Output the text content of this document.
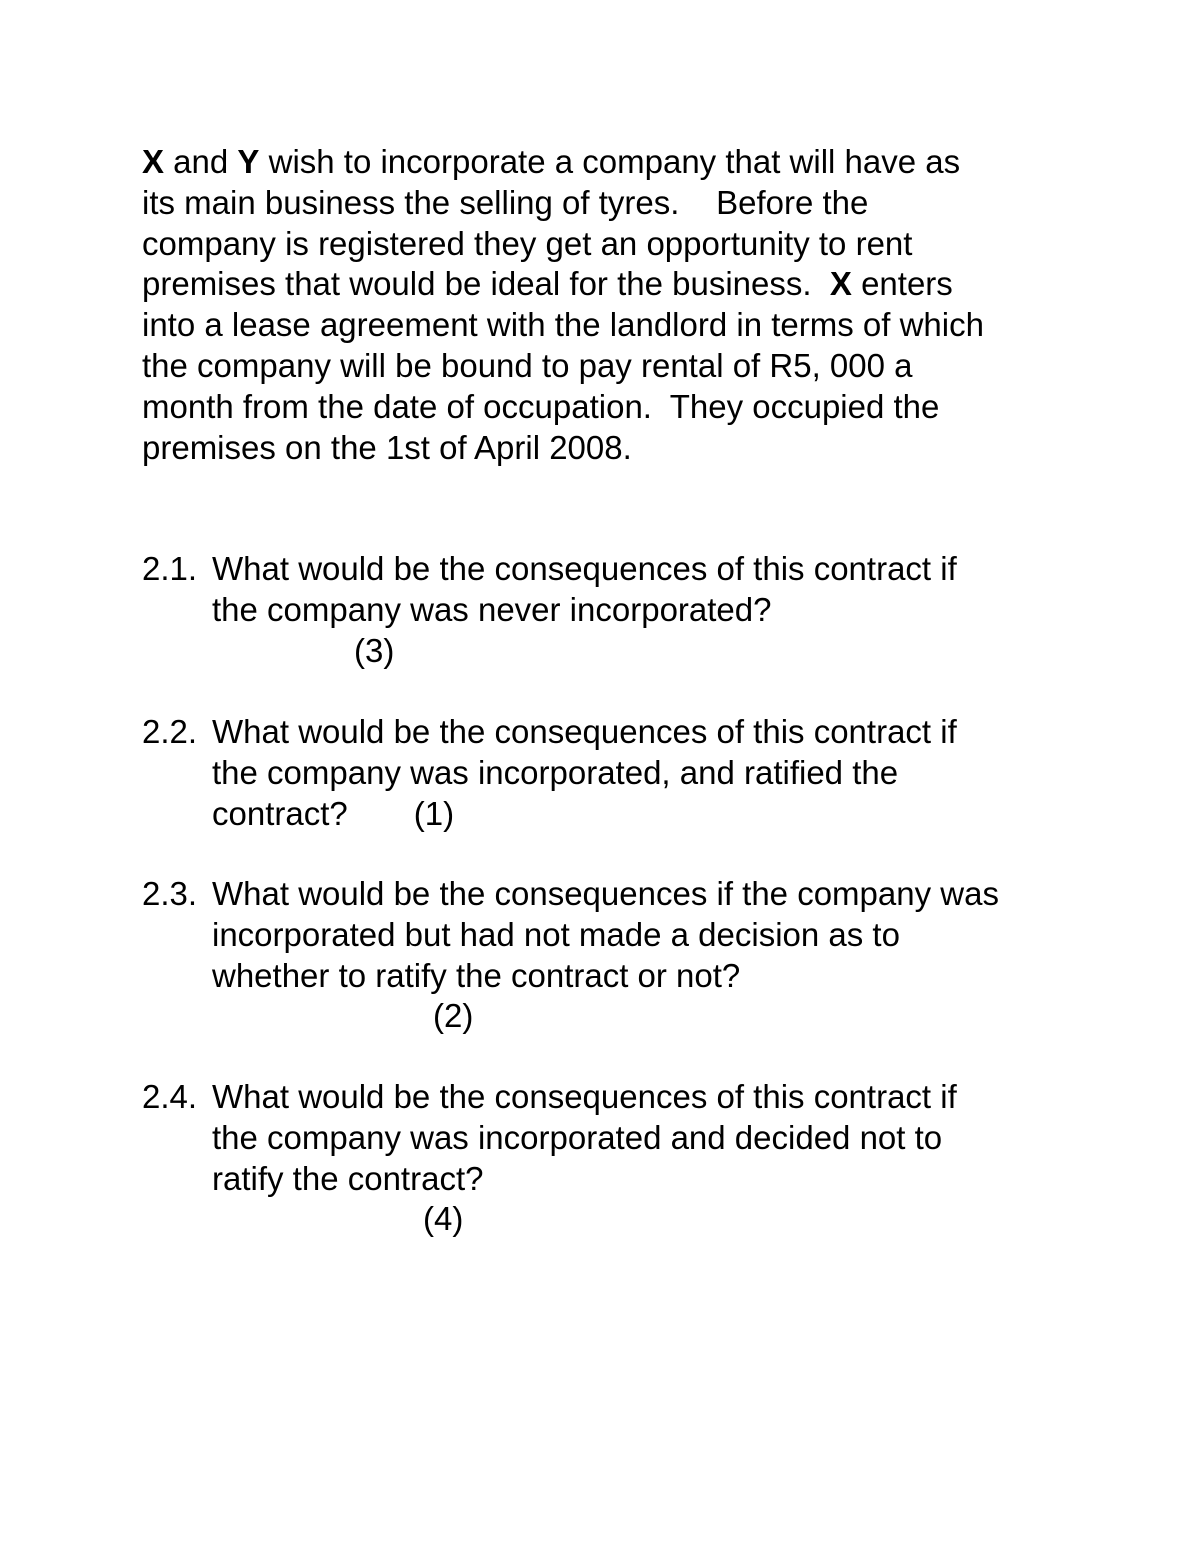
X and Y wish to incorporate a company that will have as
its main business the selling of tyres.    Before the
company is registered they get an opportunity to rent
premises that would be ideal for the business.  X enters
into a lease agreement with the landlord in terms of which
the company will be bound to pay rental of R5, 000 a
month from the date of occupation.  They occupied the
premises on the 1st of April 2008.
2.1. What would be the consequences of this contract if
the company was never incorporated?
(3)
2.2. What would be the consequences of this contract if
the company was incorporated, and ratified the
contract? (1)
2.3. What would be the consequences if the company was
incorporated but had not made a decision as to
whether to ratify the contract or not?
(2)
2.4. What would be the consequences of this contract if
the company was incorporated and decided not to
ratify the contract?
(4)
